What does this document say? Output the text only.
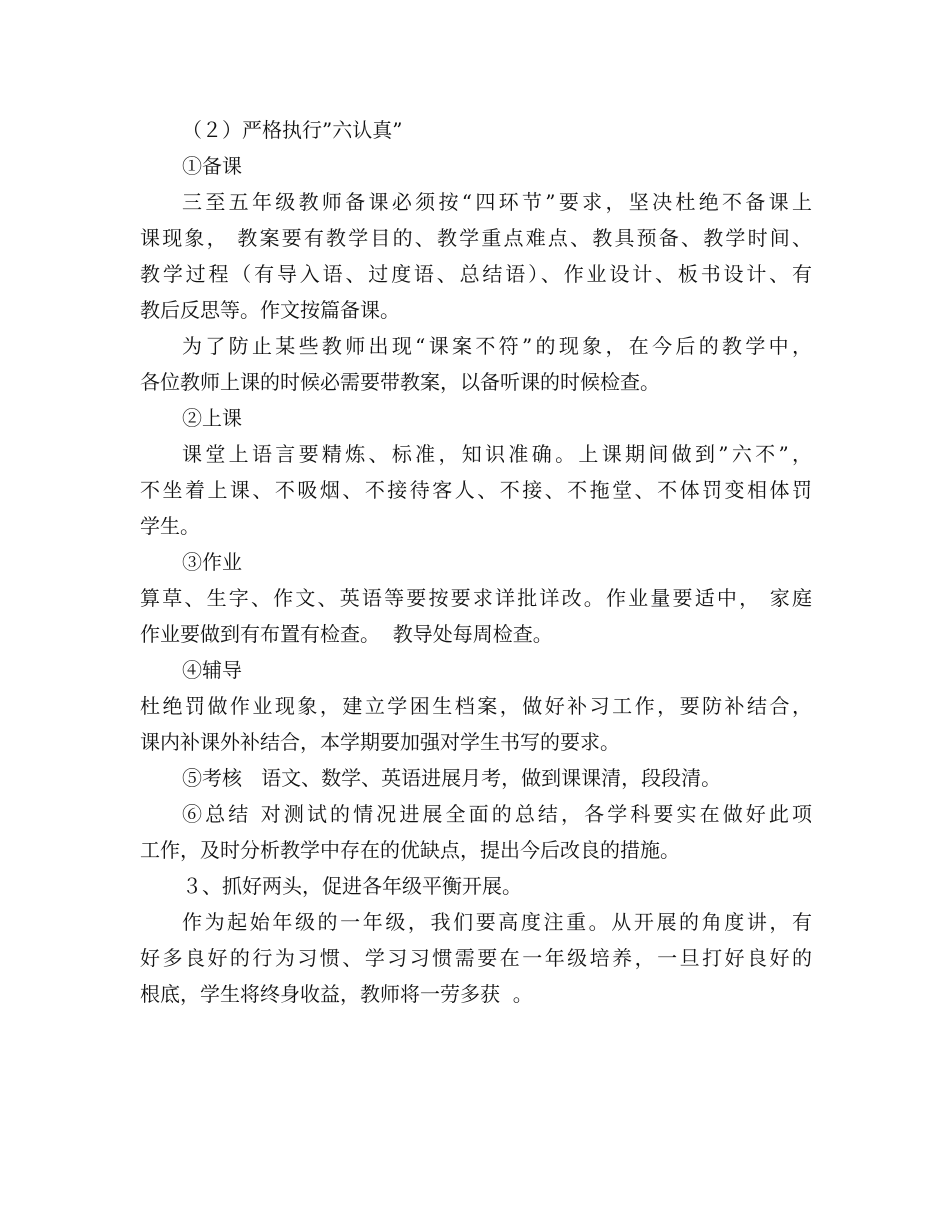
（２）严格执行”六认真”
①备课
三至五年级教师备课必须按“四环节”要求，坚决杜绝不备课上
课现象， 教案要有教学目的、教学重点难点、教具预备、教学时间、
教学过程（有导入语、过度语、总结语）、作业设计、板书设计、有
教后反思等。作文按篇备课。
为了防止某些教师出现“课案不符”的现象，在今后的教学中，
各位教师上课的时候必需要带教案，以备听课的时候检查。
②上课
课堂上语言要精炼、标准，知识准确。上课期间做到”六不”，
不坐着上课、不吸烟、不接待客人、不接、不拖堂、不体罚变相体罚
学生。
③作业
算草、生字、作文、英语等要按要求详批详改。作业量要适中， 家庭
作业要做到有布置有检查。  教导处每周检查。
④辅导
杜绝罚做作业现象，建立学困生档案，做好补习工作，要防补结合，
课内补课外补结合，本学期要加强对学生书写的要求。
⑤考核   语文、数学、英语进展月考，做到课课清，段段清。
⑥总结 对测试的情况进展全面的总结，各学科要实在做好此项
工作，及时分析教学中存在的优缺点，提出今后改良的措施。
３、抓好两头，促进各年级平衡开展。
作为起始年级的一年级，我们要高度注重。从开展的角度讲，有
好多良好的行为习惯、学习习惯需要在一年级培养，一旦打好良好的
根底，学生将终身收益，教师将一劳多获  。
